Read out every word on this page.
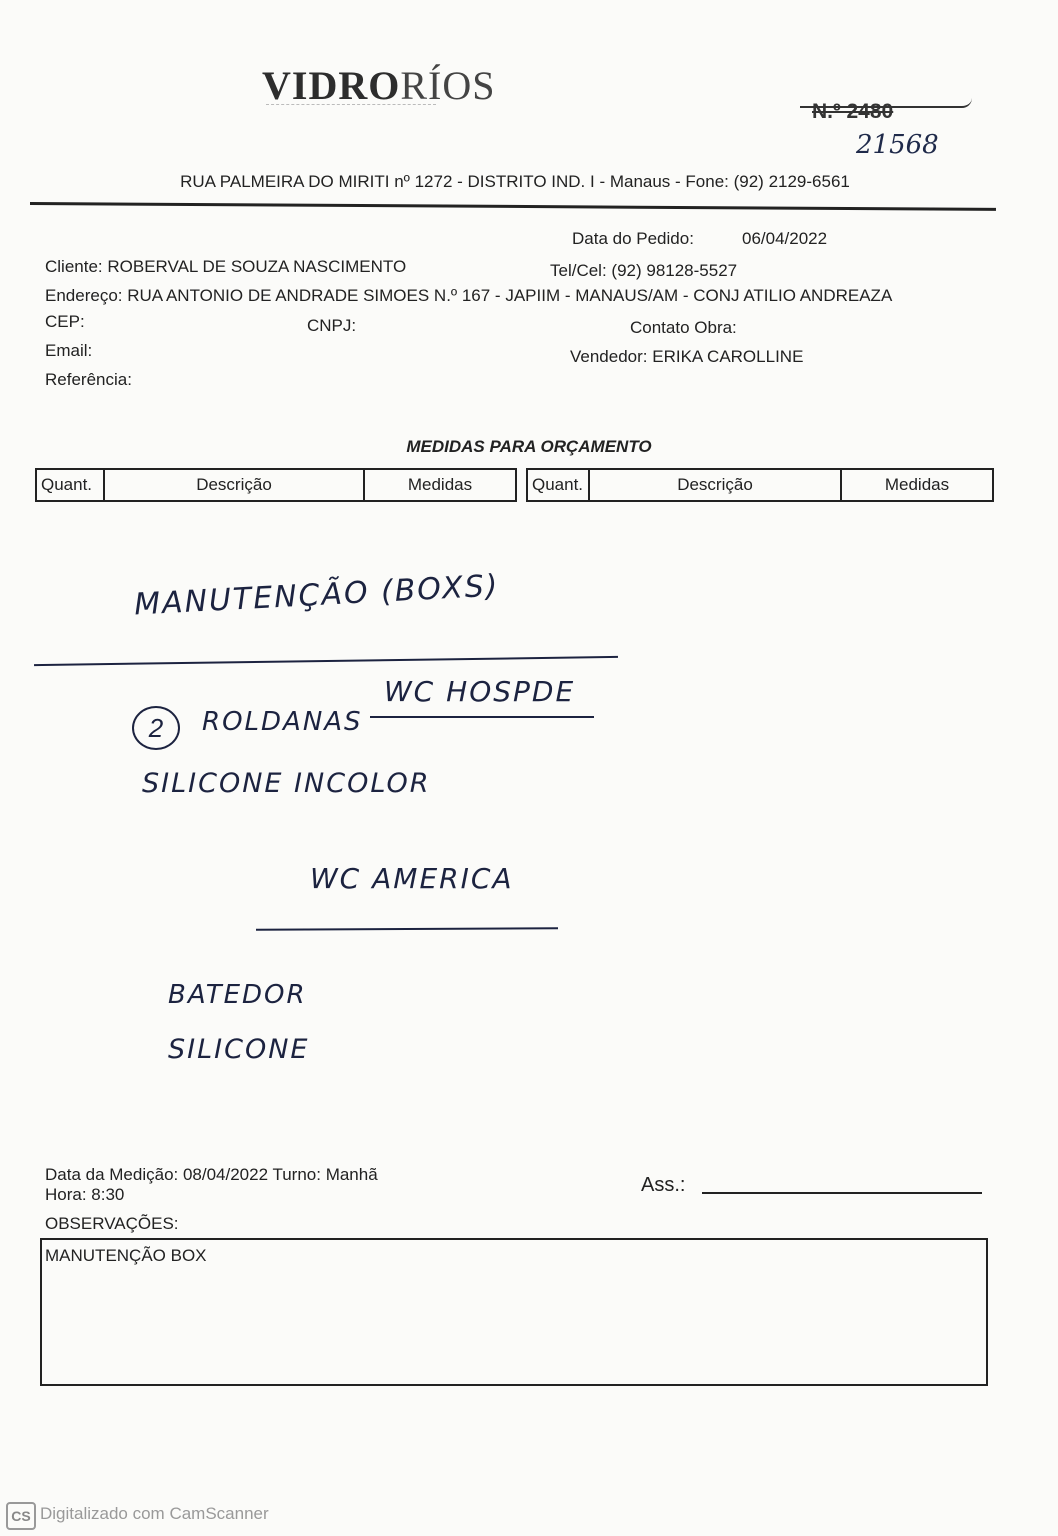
VIDRORÍOS
N.º 2480
21568
RUA PALMEIRA DO MIRITI nº 1272 - DISTRITO IND. I - Manaus - Fone: (92) 2129-6561
Data do Pedido:	06/04/2022
Cliente: ROBERVAL DE SOUZA NASCIMENTO	Tel/Cel: (92) 98128-5527
Endereço: RUA ANTONIO DE ANDRADE SIMOES N.º 167 - JAPIIM - MANAUS/AM - CONJ ATILIO ANDREAZA
CEP:	CNPJ:	Contato Obra:
Email:	Vendedor: ERIKA CAROLLINE
Referência:
MEDIDAS PARA ORÇAMENTO
Quant.	Descrição	Medidas	Quant.	Descrição	Medidas
MANUTENÇÃO (BOXS)
WC HOSPDE
2	ROLDANAS
SILICONE INCOLOR
WC AMERICA
BATEDOR
SILICONE
Data da Medição: 08/04/2022 Turno: Manhã
Hora: 8:30	Ass.:
OBSERVAÇÕES:
MANUTENÇÃO BOX
CS Digitalizado com CamScanner
